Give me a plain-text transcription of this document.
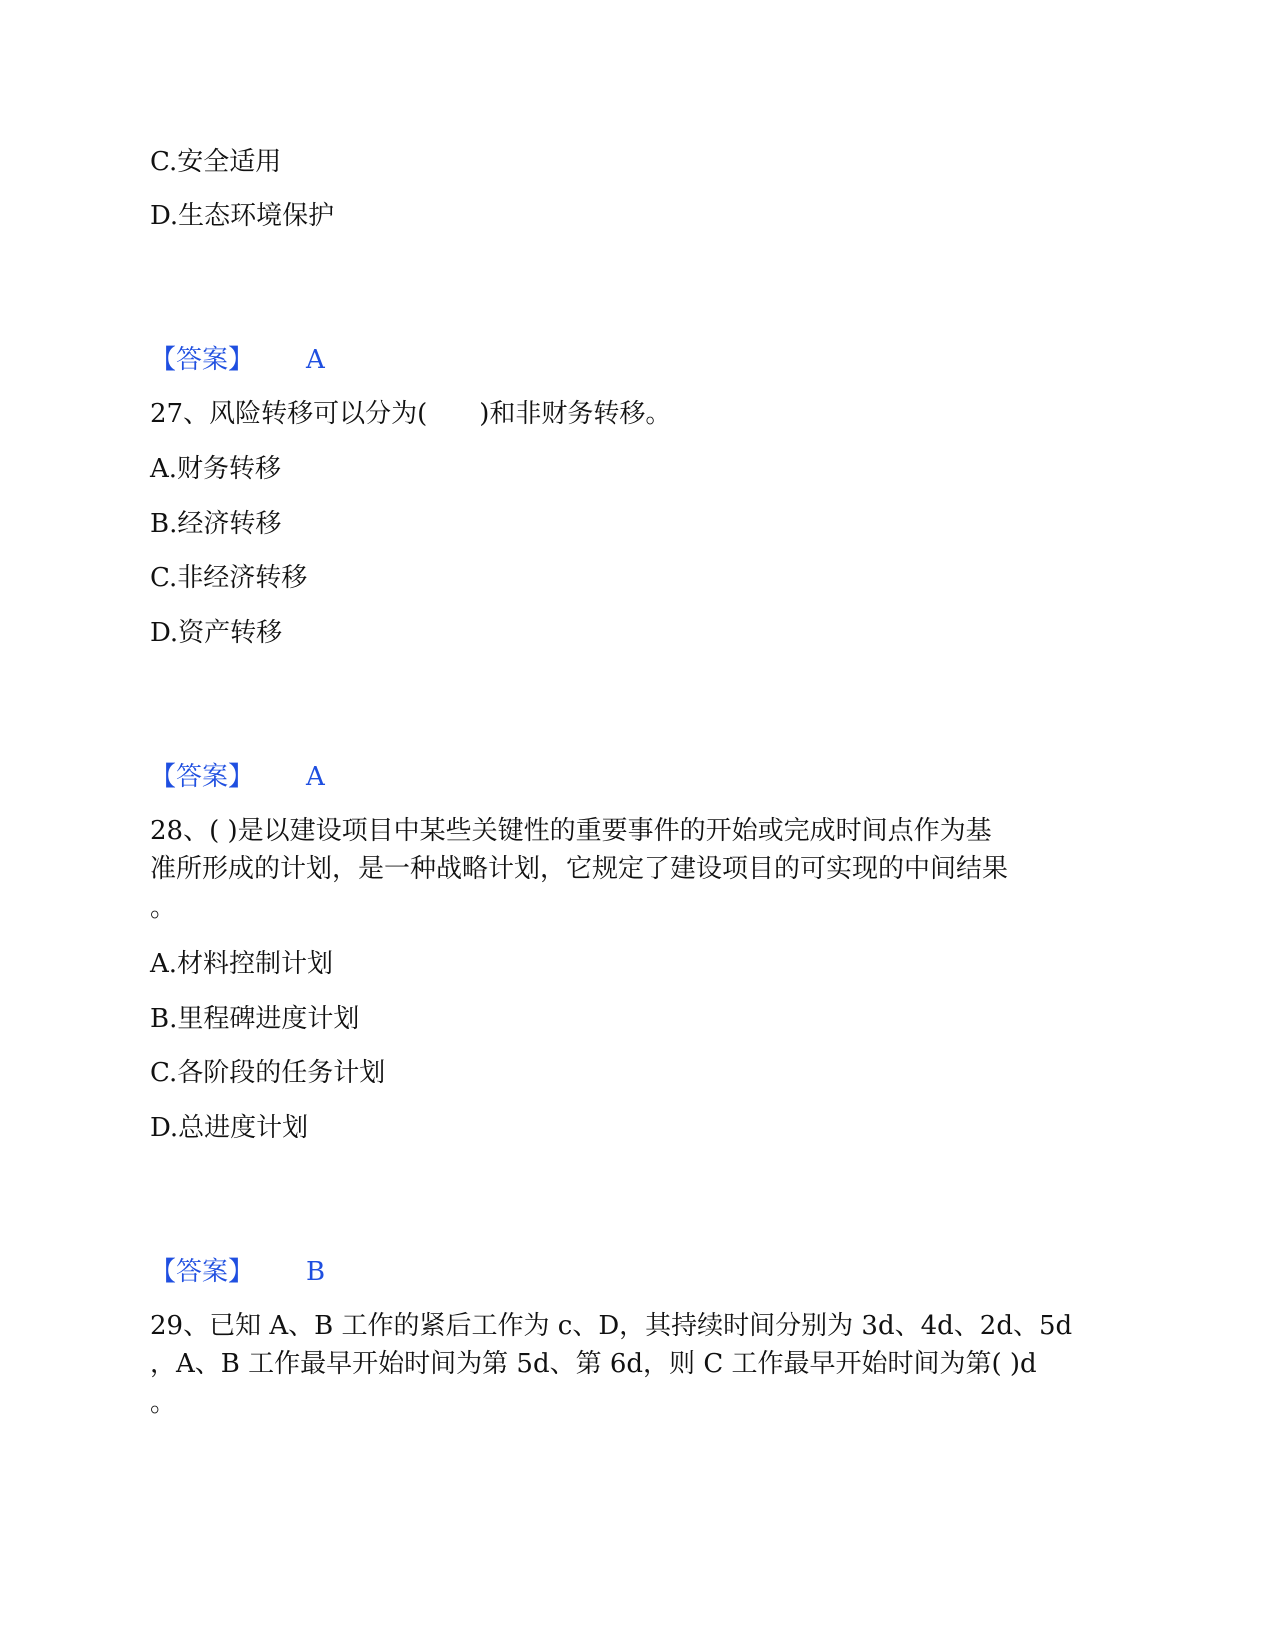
C.安全适用
D.生态环境保护
【答案】 A
27、风险转移可以分为(　　)和非财务转移。
A.财务转移
B.经济转移
C.非经济转移
D.资产转移
【答案】 A
28、( )是以建设项目中某些关键性的重要事件的开始或完成时间点作为基
准所形成的计划，是一种战略计划，它规定了建设项目的可实现的中间结果
。
A.材料控制计划
B.里程碑进度计划
C.各阶段的任务计划
D.总进度计划
【答案】 B
29、已知 A、B 工作的紧后工作为 c、D，其持续时间分别为 3d、4d、2d、5d
，A、B 工作最早开始时间为第 5d、第 6d，则 C 工作最早开始时间为第( )d
。
